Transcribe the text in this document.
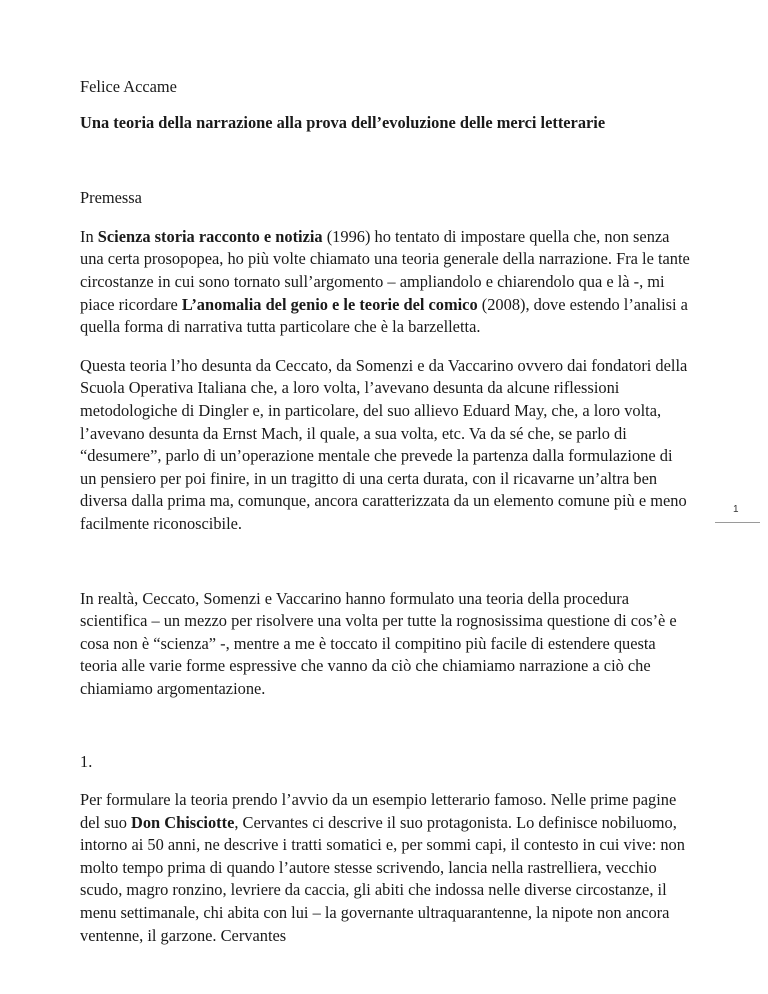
Felice Accame

Una teoria della narrazione alla prova dell’evoluzione delle merci letterarie

Premessa

In Scienza storia racconto e notizia (1996) ho tentato di impostare quella che, non senza una certa prosopopea, ho più volte chiamato una teoria generale della narrazione. Fra le tante circostanze in cui sono tornato sull’argomento – ampliandolo e chiarendolo qua e là -, mi piace ricordare L’anomalia del genio e le teorie del comico (2008), dove estendo l’analisi a quella forma di narrativa tutta particolare che è la barzelletta.

Questa teoria l’ho desunta da Ceccato, da Somenzi e da Vaccarino ovvero dai fondatori della Scuola Operativa Italiana che, a loro volta, l’avevano desunta da alcune riflessioni metodologiche di Dingler e, in particolare, del suo allievo Eduard May, che, a loro volta, l’avevano desunta da Ernst Mach, il quale, a sua volta, etc. Va da sé che, se parlo di “desumere”, parlo di un’operazione mentale che prevede la partenza dalla formulazione di un pensiero per poi finire, in un tragitto di una certa durata, con il ricavarne un’altra ben diversa dalla prima ma, comunque, ancora caratterizzata da un elemento comune più e meno facilmente riconoscibile.

In realtà, Ceccato, Somenzi e Vaccarino hanno formulato una teoria della procedura scientifica – un mezzo per risolvere una volta per tutte la rognosissima questione di cos’è e cosa non è “scienza” -, mentre a me è toccato il compitino più facile di estendere questa teoria alle varie forme espressive che vanno da ciò che chiamiamo narrazione a ciò che chiamiamo argomentazione.

1.

Per formulare la teoria prendo l’avvio da un esempio letterario famoso. Nelle prime pagine del suo Don Chisciotte, Cervantes ci descrive il suo protagonista. Lo definisce nobiluomo, intorno ai 50 anni, ne descrive i tratti somatici e, per sommi capi, il contesto in cui vive: non molto tempo prima di quando l’autore stesse scrivendo, lancia nella rastrelliera, vecchio scudo, magro ronzino, levriere da caccia, gli abiti che indossa nelle diverse circostanze, il menu settimanale, chi abita con lui – la governante ultraquarantenne, la nipote non ancora ventenne, il garzone. Cervantes

1
